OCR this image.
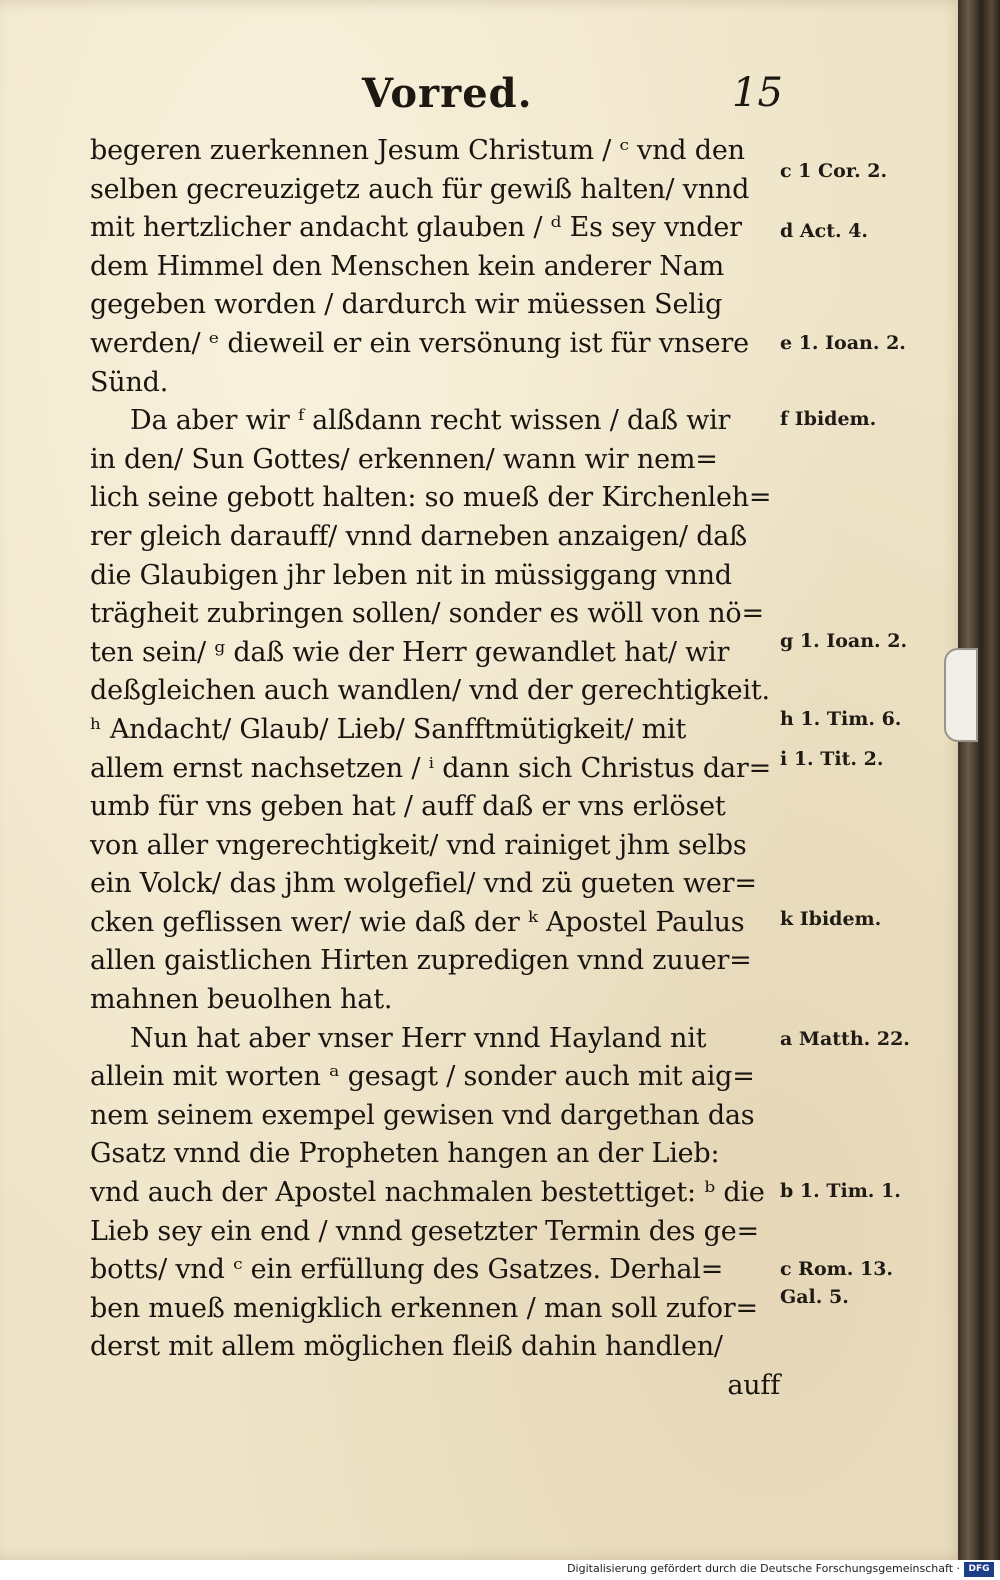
Vorred.	15
begeren zuerkennen Jesum Christum / ᶜ vnd den
selben gecreuzigetz auch für gewiß halten/ vnnd
mit hertzlicher andacht glauben / ᵈ Es sey vnder
dem Himmel den Menschen kein anderer Nam
gegeben worden / dardurch wir müessen Selig
werden/ ᵉ dieweil er ein versönung ist für vnsere
Sünd.
Da aber wir ᶠ alßdann recht wissen / daß wir
in den/ Sun Gottes/ erkennen/ wann wir nem=
lich seine gebott halten: so mueß der Kirchenleh=
rer gleich darauff/ vnnd darneben anzaigen/ daß
die Glaubigen jhr leben nit in müssiggang vnnd
trägheit zubringen sollen/ sonder es wöll von nö=
ten sein/ ᵍ daß wie der Herr gewandlet hat/ wir
deßgleichen auch wandlen/ vnd der gerechtigkeit.
ʰ Andacht/ Glaub/ Lieb/ Sanfftmütigkeit/ mit
allem ernst nachsetzen / ⁱ dann sich Christus dar=
umb für vns geben hat / auff daß er vns erlöset
von aller vngerechtigkeit/ vnd rainiget jhm selbs
ein Volck/ das jhm wolgefiel/ vnd zü gueten wer=
cken geflissen wer/ wie daß der ᵏ Apostel Paulus
allen gaistlichen Hirten zupredigen vnnd zuuer=
mahnen beuolhen hat.
Nun hat aber vnser Herr vnnd Hayland nit
allein mit worten ᵃ gesagt / sonder auch mit aig=
nem seinem exempel gewisen vnd dargethan das
Gsatz vnnd die Propheten hangen an der Lieb:
vnd auch der Apostel nachmalen bestettiget: ᵇ die
Lieb sey ein end / vnnd gesetzter Termin des ge=
botts/ vnd ᶜ ein erfüllung des Gsatzes. Derhal=
ben mueß menigklich erkennen / man soll zufor=
derst mit allem möglichen fleiß dahin handlen/
auff
c 1 Cor. 2.
d Act. 4.
e 1. Ioan. 2.
f Ibidem.
g 1. Ioan. 2.
h 1. Tim. 6.
i 1. Tit. 2.
k Ibidem.
a Matth. 22.
b 1. Tim. 1.
c Rom. 13.
Gal. 5.
Digitalisierung gefördert durch die Deutsche Forschungsgemeinschaft · DFG
